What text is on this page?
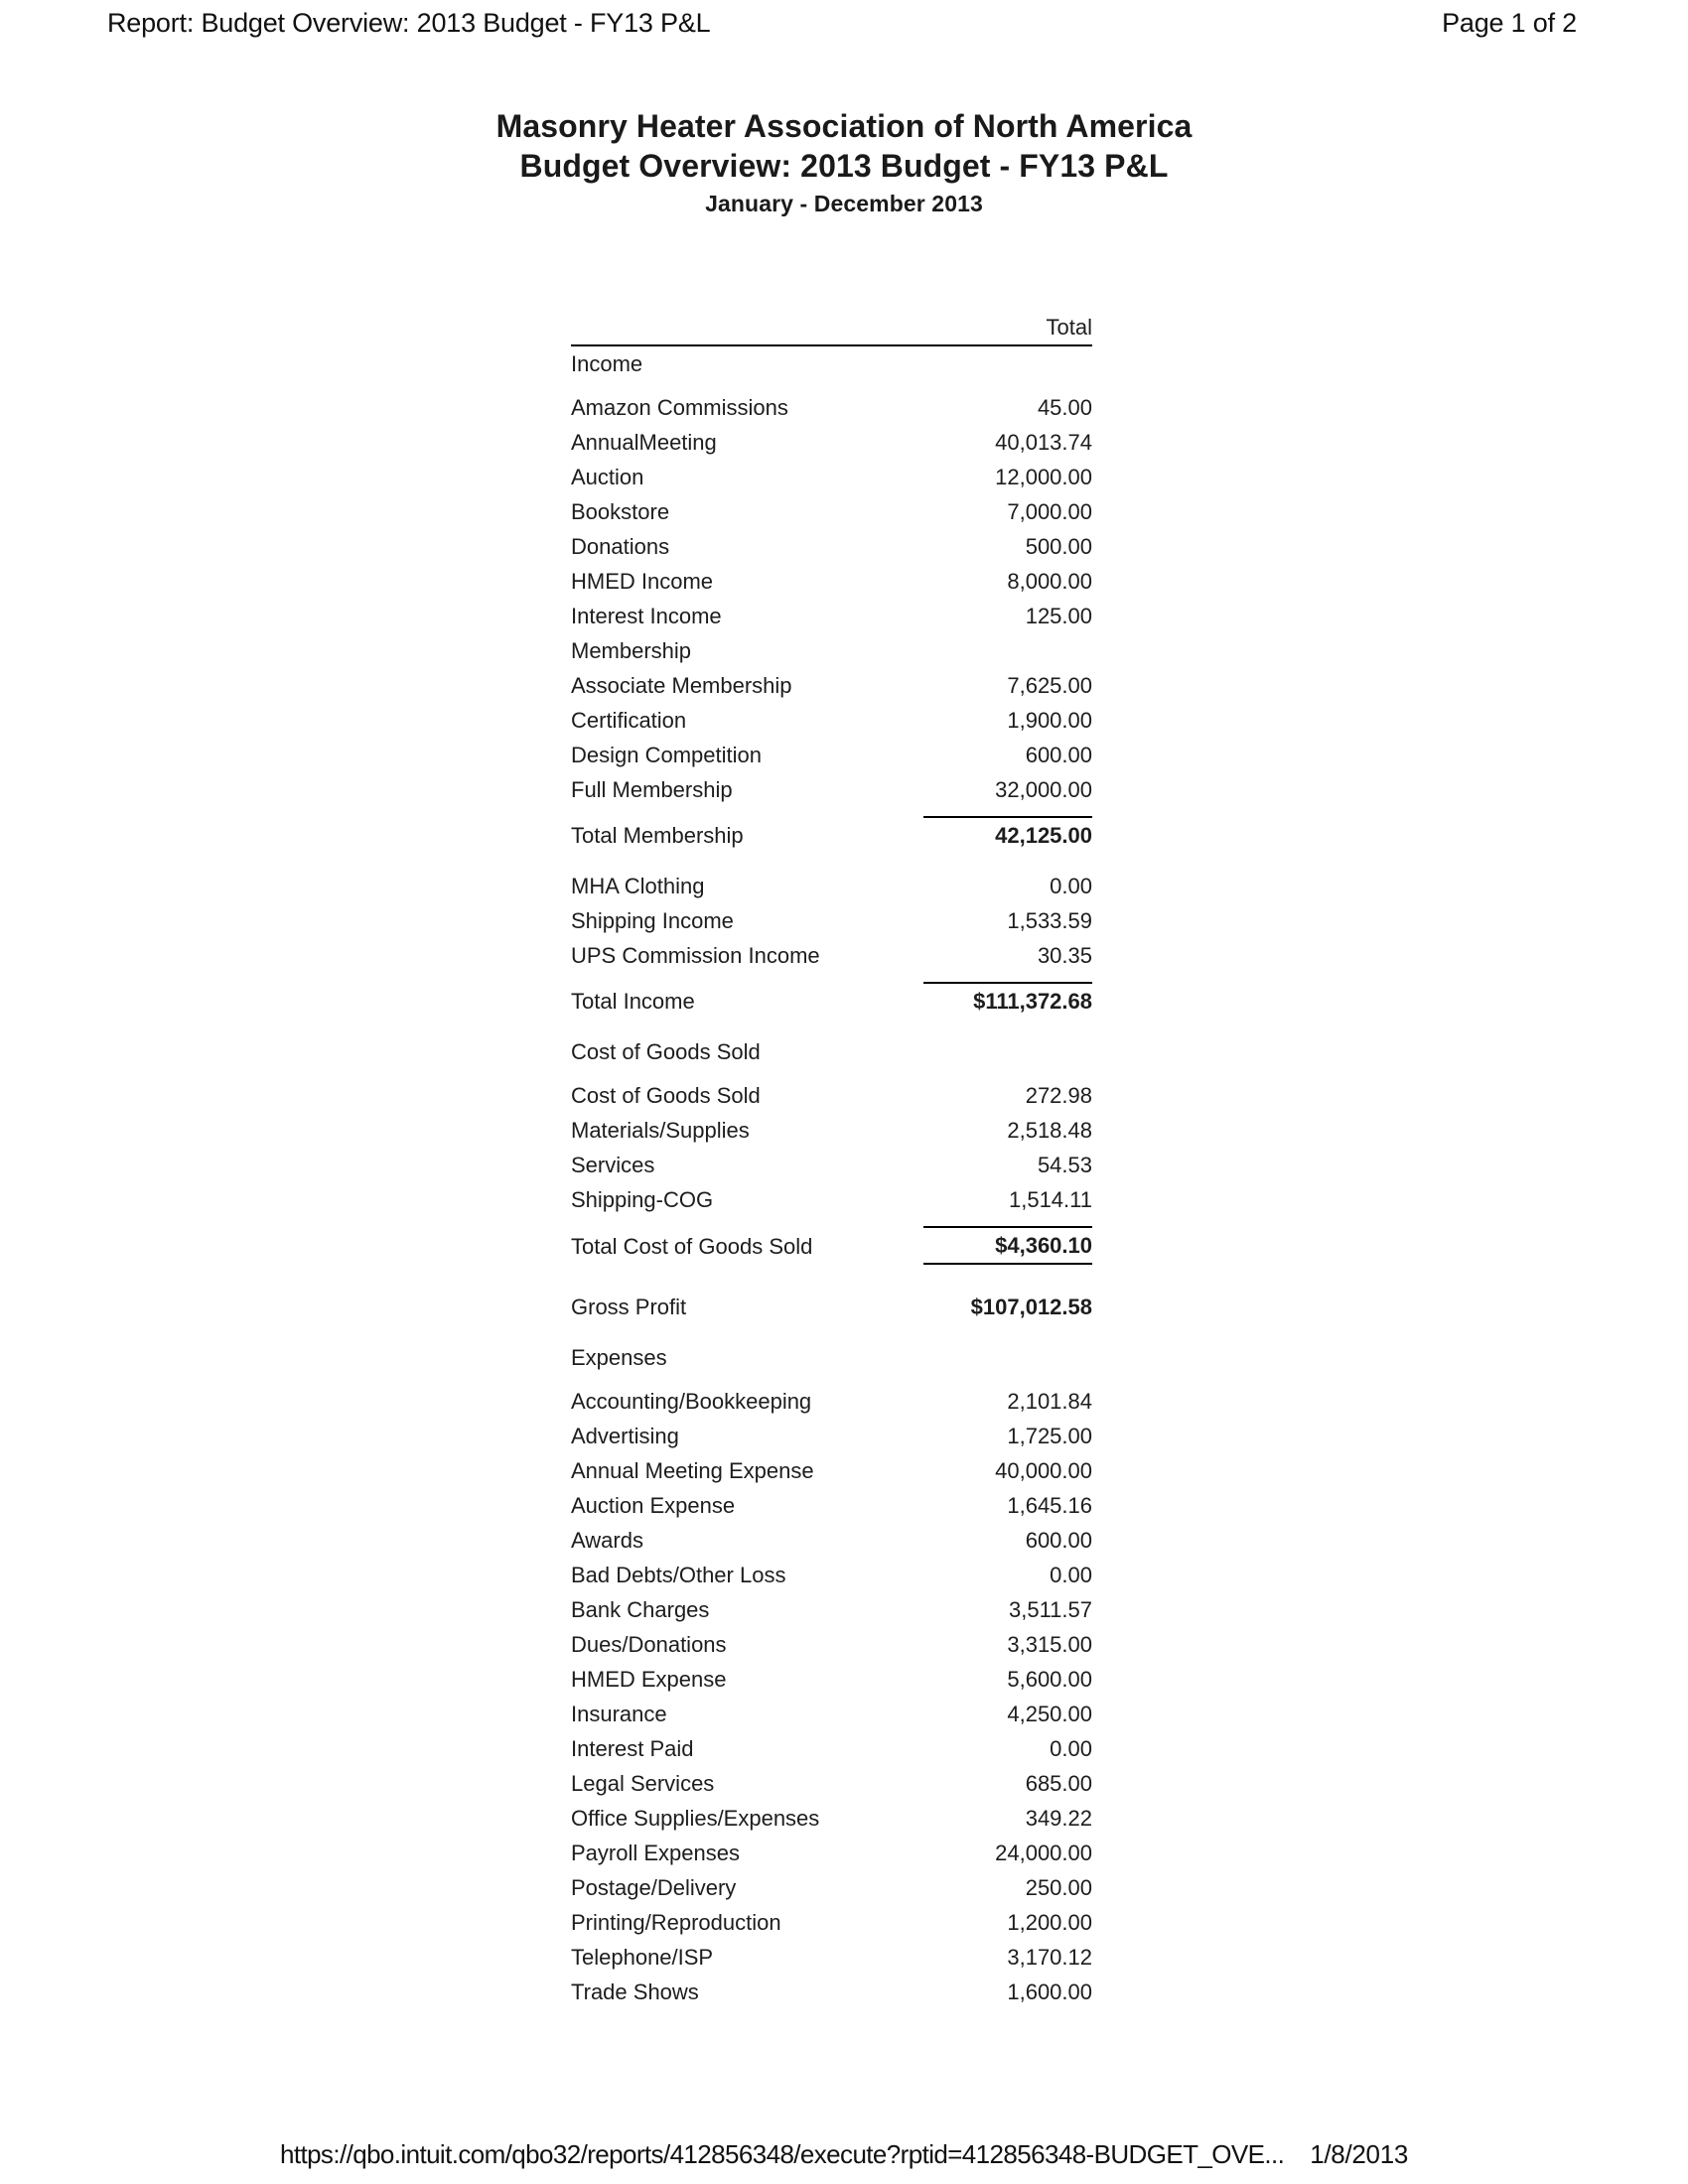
Report: Budget Overview: 2013 Budget - FY13 P&L	Page 1 of 2
Masonry Heater Association of North America
Budget Overview: 2013 Budget - FY13 P&L
January - December 2013
	Total
Income	

Amazon Commissions	45.00
AnnualMeeting	40,013.74
Auction	12,000.00
Bookstore	7,000.00
Donations	500.00
HMED Income	8,000.00
Interest Income	125.00
Membership	
Associate Membership	7,625.00
Certification	1,900.00
Design Competition	600.00
Full Membership	32,000.00

Total Membership	42,125.00

MHA Clothing	0.00
Shipping Income	1,533.59
UPS Commission Income	30.35

Total Income	$111,372.68

Cost of Goods Sold	

Cost of Goods Sold	272.98
Materials/Supplies	2,518.48
Services	54.53
Shipping-COG	1,514.11

Total Cost of Goods Sold	$4,360.10

Gross Profit	$107,012.58

Expenses	

Accounting/Bookkeeping	2,101.84
Advertising	1,725.00
Annual Meeting Expense	40,000.00
Auction Expense	1,645.16
Awards	600.00
Bad Debts/Other Loss	0.00
Bank Charges	3,511.57
Dues/Donations	3,315.00
HMED Expense	5,600.00
Insurance	4,250.00
Interest Paid	0.00
Legal Services	685.00
Office Supplies/Expenses	349.22
Payroll Expenses	24,000.00
Postage/Delivery	250.00
Printing/Reproduction	1,200.00
Telephone/ISP	3,170.12
Trade Shows	1,600.00
https://qbo.intuit.com/qbo32/reports/412856348/execute?rptid=412856348-BUDGET_OVE... 1/8/2013
